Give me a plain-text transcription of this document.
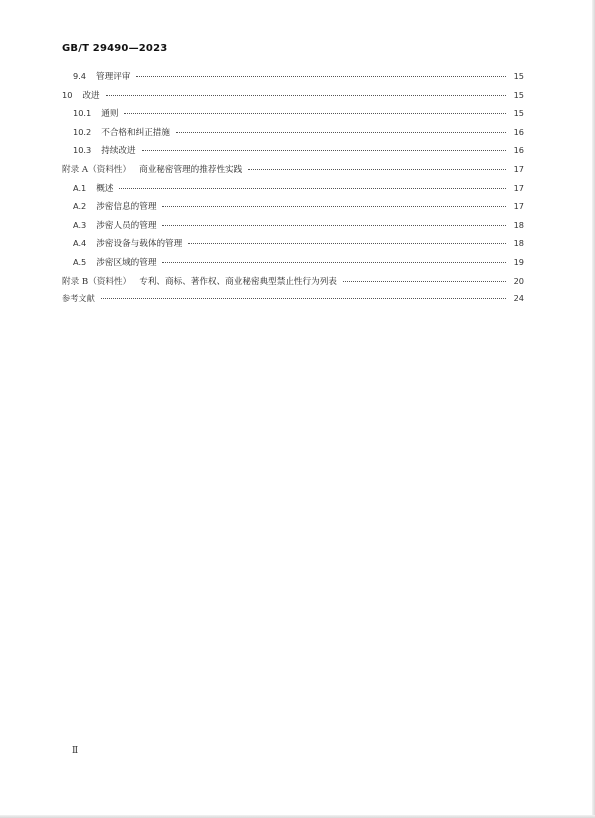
GB/T 29490—2023
9.4	管理评审	15
10	改进	15
10.1	通则	15
10.2	不合格和纠正措施	16
10.3	持续改进	16
附录 A（资料性） 商业秘密管理的推荐性实践	17
A.1	概述	17
A.2	涉密信息的管理	17
A.3	涉密人员的管理	18
A.4	涉密设备与载体的管理	18
A.5	涉密区域的管理	19
附录 B（资料性） 专利、商标、著作权、商业秘密典型禁止性行为列表	20
参考文献	24
Ⅱ
